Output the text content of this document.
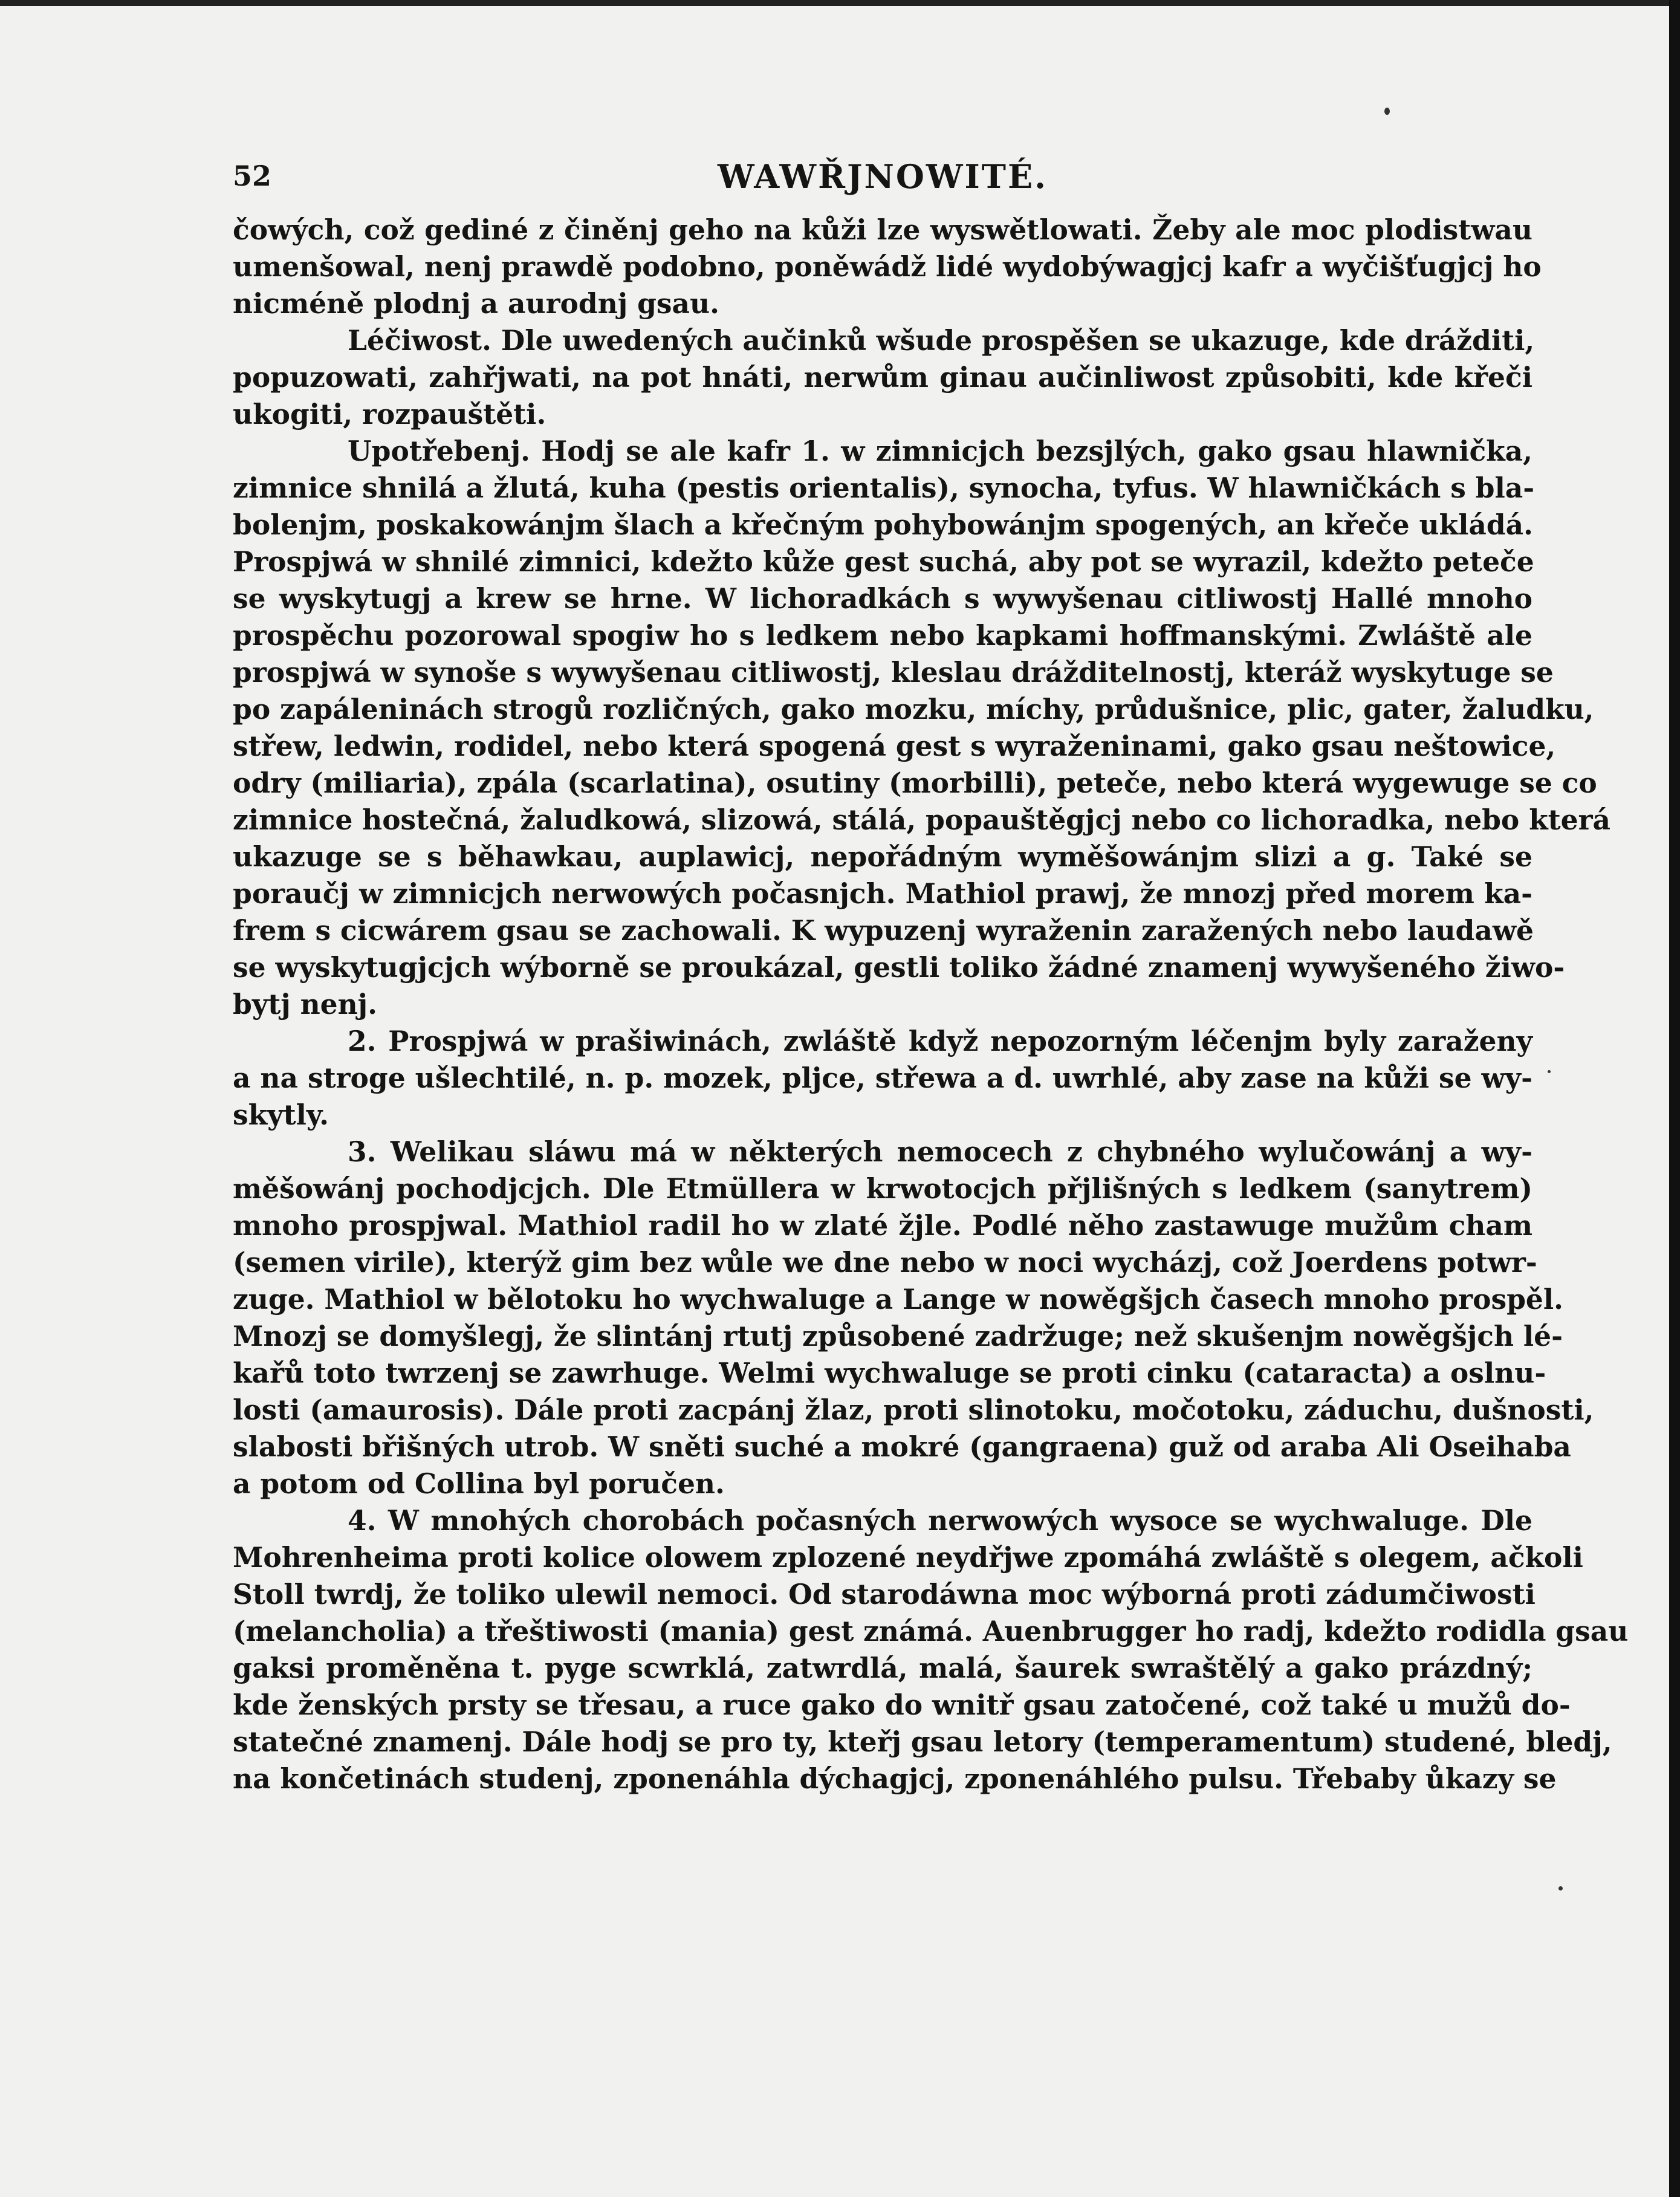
52	WAWŘJNOWITÉ.
čowých, což gediné z činěnj geho na kůži lze wyswětlowati. Žeby ale moc plodistwau
umenšowal, nenj prawdě podobno, poněwádž lidé wydobýwagjcj kafr a wyčišťugjcj ho
nicméně plodnj a aurodnj gsau.
Léčiwost. Dle uwedených aučinků wšude prospěšen se ukazuge, kde drážditi,
popuzowati, zahřjwati, na pot hnáti, nerwům ginau aučinliwost způsobiti, kde křeči
ukogiti, rozpauštěti.
Upotřebenj. Hodj se ale kafr 1. w zimnicjch bezsjlých, gako gsau hlawnička,
zimnice shnilá a žlutá, kuha (pestis orientalis), synocha, tyfus. W hlawničkách s bla-
bolenjm, poskakowánjm šlach a křečným pohybowánjm spogených, an křeče ukládá.
Prospjwá w shnilé zimnici, kdežto kůže gest suchá, aby pot se wyrazil, kdežto petečе
se wyskytugj a krew se hrne. W lichoradkách s wywyšenau citliwostj Hallé mnoho
prospěchu pozorowal spogiw ho s ledkem nebo kapkami hoffmanskými. Zwláště ale
prospjwá w synoše s wywyšenau citliwostj, kleslau drážditelnostj, kteráž wyskytuge se
po zapáleninách strogů rozličných, gako mozku, míchy, průdušnice, plic, gater, žaludku,
střew, ledwin, rodidel, nebo která spogená gest s wyraženinami, gako gsau neštowice,
odry (miliaria), zpála (scarlatina), osutiny (morbilli), peteče, nebo která wygewuge se co
zimnice hostečná, žaludkowá, slizowá, stálá, popauštěgjcj nebo co lichoradka, nebo která
ukazuge se s běhawkau, auplawicj, nepořádným wyměšowánjm slizi a g. Také se
poraučj w zimnicjch nerwowých počasnjch. Mathiol prawj, že mnozj před morem ka-
frem s cicwárem gsau se zachowali. K wypuzenj wyraženin zaražených nebo laudawě
se wyskytugjcjch wýborně se proukázal, gestli toliko žádné znamenj wywyšeného žiwo-
bytj nenj.
2. Prospjwá w prašiwinách, zwláště když nepozorným léčenjm byly zaraženy
a na stroge ušlechtilé, n. p. mozek, pljce, střewa a d. uwrhlé, aby zase na kůži se wy-
skytly.
3. Welikau sláwu má w některých nemocech z chybného wylučowánj a wy-
měšowánj pochodjcjch. Dle Etmüllera w krwotocjch přjlišných s ledkem (sanytrem)
mnoho prospjwal. Mathiol radil ho w zlaté žjle. Podlé něho zastawuge mužům cham
(semen virile), kterýž gim bez wůle we dne nebo w noci wycházj, což Joerdens potwr-
zuge. Mathiol w bělotoku ho wychwaluge a Lange w nowěgšjch časech mnoho prospěl.
Mnozj se domyšlegj, že slintánj rtutj způsobené zadržuge; než skušenjm nowěgšjch lé-
kařů toto twrzenj se zawrhuge. Welmi wychwaluge se proti cinku (cataracta) a oslnu-
losti (amaurosis). Dále proti zacpánj žlaz, proti slinotoku, močotoku, záduchu, dušnosti,
slabosti břišných utrob. W sněti suché a mokré (gangraena) guž od araba Ali Oseihaba
a potom od Collina byl poručen.
4. W mnohých chorobách počasných nerwowých wysoce se wychwaluge. Dle
Mohrenheima proti kolice olowem zplozené neydřjwe zpomáhá zwláště s olegem, ačkoli
Stoll twrdj, že toliko ulewil nemoci. Od starodáwna moc wýborná proti zádumčiwosti
(melancholia) a třeštiwosti (mania) gest známá. Auenbrugger ho radj, kdežto rodidla gsau
gaksi proměněna t. pyge scwrklá, zatwrdlá, malá, šaurek swraštělý a gako prázdný;
kde ženských prsty se třesau, a ruce gako do wnitř gsau zatočené, což také u mužů do-
statečné znamenj. Dále hodj se pro ty, kteřj gsau letory (temperamentum) studené, bledj,
na končetinách studenj, zponenáhla dýchagjcj, zponenáhlého pulsu. Třebaby ůkazy se
